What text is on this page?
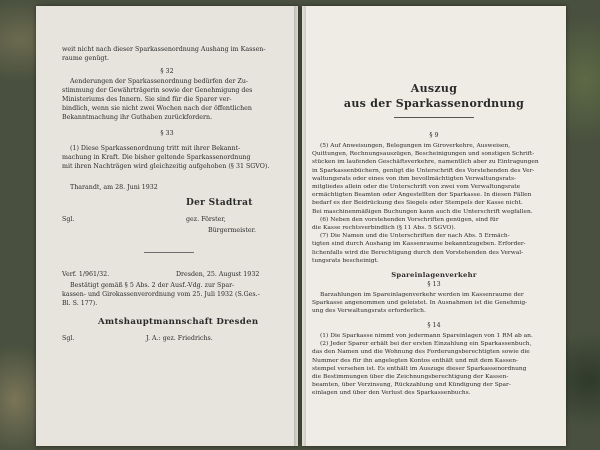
weit nicht nach dieser Sparkassenordnung Aushang im Kassen-
raume genügt.
§ 32
Aenderungen der Sparkassenordnung bedürfen der Zu-
stimmung der Gewährträgerin sowie der Genehmigung des
Ministeriums des Innern. Sie sind für die Sparer ver-
bindlich, wenn sie nicht zwei Wochen nach der öffentlichen
Bekanntmachung ihr Guthaben zurückfordern.
§ 33
(1) Diese Sparkassenordnung tritt mit ihrer Bekannt-
machung in Kraft. Die bisher geltende Sparkassenordnung
mit ihren Nachträgen wird gleichzeitig aufgehoben (§ 31 SGVO).
Tharandt, am 28. Juni 1932
Der Stadtrat
Sgl.	gez. Förster,
Bürgermeister.
Verf. 1/961/32.	Dresden, 25. August 1932
Bestätigt gemäß § 5 Abs. 2 der Ausf.-Vdg. zur Spar-
kassen- und Girokassenverordnung vom 25. Juli 1932 (S.Ges.-
Bl. S. 177).
Amtshauptmannschaft Dresden
Sgl.	J. A.: gez. Friedrichs.
Auszug
aus der Sparkassenordnung
§ 9
(5) Auf Anweisungen, Belegungen im Giroverkehre, Ausweisen,
Quittungen, Rechnungsauszügen, Bescheinigungen und sonstigen Schrift-
stücken im laufenden Geschäftsverkehre, namentlich aber zu Eintragungen
in Sparkassenbüchern, genügt die Unterschrift des Vorstehenden des Ver-
waltungsrats oder eines von ihm bevollmächtigten Verwaltungsrats-
mitgliedes allein oder die Unterschrift von zwei vom Verwaltungsrate
ermächtigten Beamten oder Angestellten der Sparkasse. In diesen Fällen
bedarf es der Beidrückung des Siegels oder Stempels der Kasse nicht.
Bei maschinenmäßigen Buchungen kann auch die Unterschrift wegfallen.
(6) Neben den vorstehenden Vorschriften genügen, sind für
die Kasse rechtsverbindlich (§ 11 Abs. 5 SGVO).
(7) Die Namen und die Unterschriften der nach Abs. 5 Ermäch-
tigten sind durch Aushang im Kassenraume bekanntzugeben. Erforder-
lichenfalls wird die Berechtigung durch den Vorstehenden des Verwal-
tungsrats bescheinigt.
Spareinlagenverkehr
§ 13
Barzahlungen im Spareinlagenverkehr werden im Kassenraume der
Sparkasse angenommen und geleistet. In Ausnahmen ist die Genehmig-
ung des Verwaltungsrats erforderlich.
§ 14
(1) Die Sparkasse nimmt von jedermann Spareinlagen von 1 RM ab an.
(2) Jeder Sparer erhält bei der ersten Einzahlung ein Sparkassenbuch,
das den Namen und die Wohnung des Forderungsberechtigten sowie die
Nummer des für ihn angelegten Kontos enthält und mit dem Kassen-
stempel versehen ist. Es enthält im Auszuge dieser Sparkassenordnung
die Bestimmungen über die Zeichnungsberechtigung der Kassen-
beamten, über Verzinsung, Rückzahlung und Kündigung der Spar-
einlagen und über den Verlust des Sparkassenbuchs.
